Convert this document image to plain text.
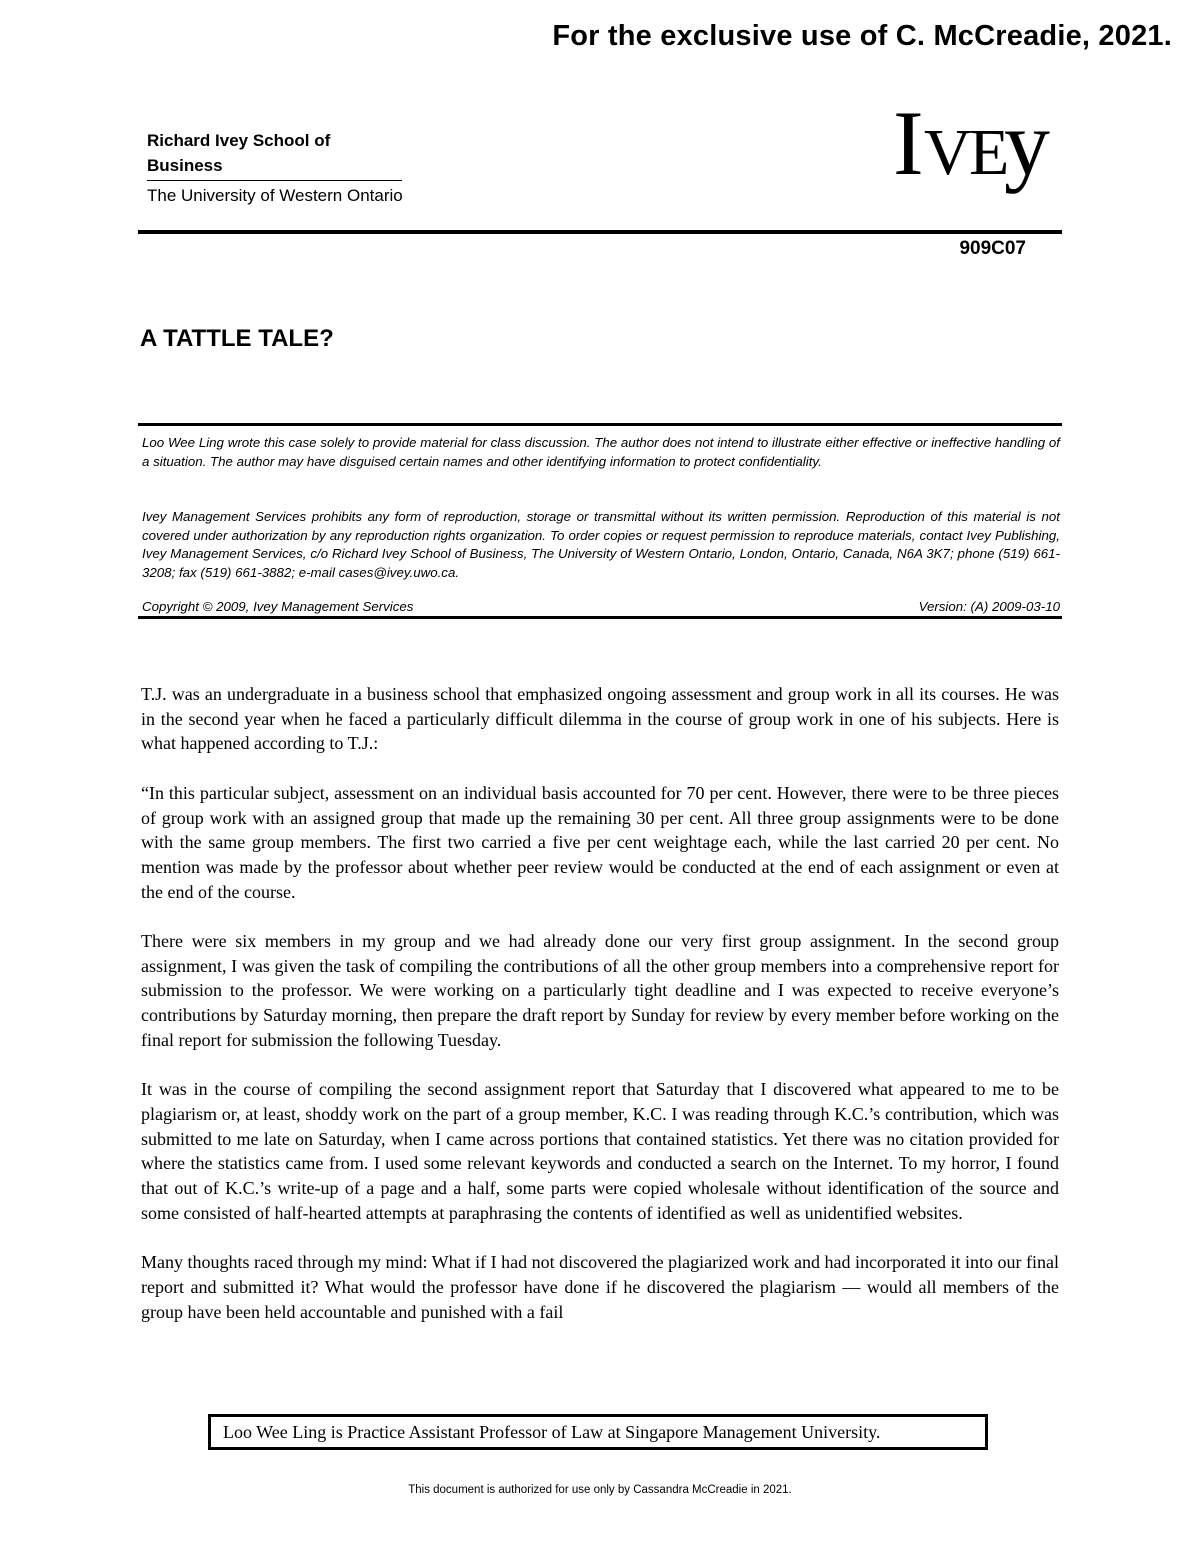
For the exclusive use of C. McCreadie, 2021.
Richard Ivey School of Business
The University of Western Ontario
I V E
y
909C07
A TATTLE TALE?
Loo Wee Ling wrote this case solely to provide material for class discussion. The author does not intend to illustrate either effective or ineffective handling of a situation. The author may have disguised certain names and other identifying information to protect confidentiality.
Ivey Management Services prohibits any form of reproduction, storage or transmittal without its written permission. Reproduction of this material is not covered under authorization by any reproduction rights organization. To order copies or request permission to reproduce materials, contact Ivey Publishing, Ivey Management Services, c/o Richard Ivey School of Business, The University of Western Ontario, London, Ontario, Canada, N6A 3K7; phone (519) 661-3208; fax (519) 661-3882; e-mail cases@ivey.uwo.ca.
Copyright © 2009, Ivey Management Services	Version: (A) 2009-03-10

T.J. was an undergraduate in a business school that emphasized ongoing assessment and group work in all its courses. He was in the second year when he faced a particularly difficult dilemma in the course of group work in one of his subjects. Here is what happened according to T.J.:

“In this particular subject, assessment on an individual basis accounted for 70 per cent. However, there were to be three pieces of group work with an assigned group that made up the remaining 30 per cent. All three group assignments were to be done with the same group members. The first two carried a five per cent weightage each, while the last carried 20 per cent. No mention was made by the professor about whether peer review would be conducted at the end of each assignment or even at the end of the course.

There were six members in my group and we had already done our very first group assignment. In the second group assignment, I was given the task of compiling the contributions of all the other group members into a comprehensive report for submission to the professor. We were working on a particularly tight deadline and I was expected to receive everyone’s contributions by Saturday morning, then prepare the draft report by Sunday for review by every member before working on the final report for submission the following Tuesday.

It was in the course of compiling the second assignment report that Saturday that I discovered what appeared to me to be plagiarism or, at least, shoddy work on the part of a group member, K.C. I was reading through K.C.’s contribution, which was submitted to me late on Saturday, when I came across portions that contained statistics. Yet there was no citation provided for where the statistics came from. I used some relevant keywords and conducted a search on the Internet. To my horror, I found that out of K.C.’s write-up of a page and a half, some parts were copied wholesale without identification of the source and some consisted of half-hearted attempts at paraphrasing the contents of identified as well as unidentified websites.

Many thoughts raced through my mind: What if I had not discovered the plagiarized work and had incorporated it into our final report and submitted it? What would the professor have done if he discovered the plagiarism — would all members of the group have been held accountable and punished with a fail

Loo Wee Ling is Practice Assistant Professor of Law at Singapore Management University.
This document is authorized for use only by Cassandra McCreadie in 2021.
